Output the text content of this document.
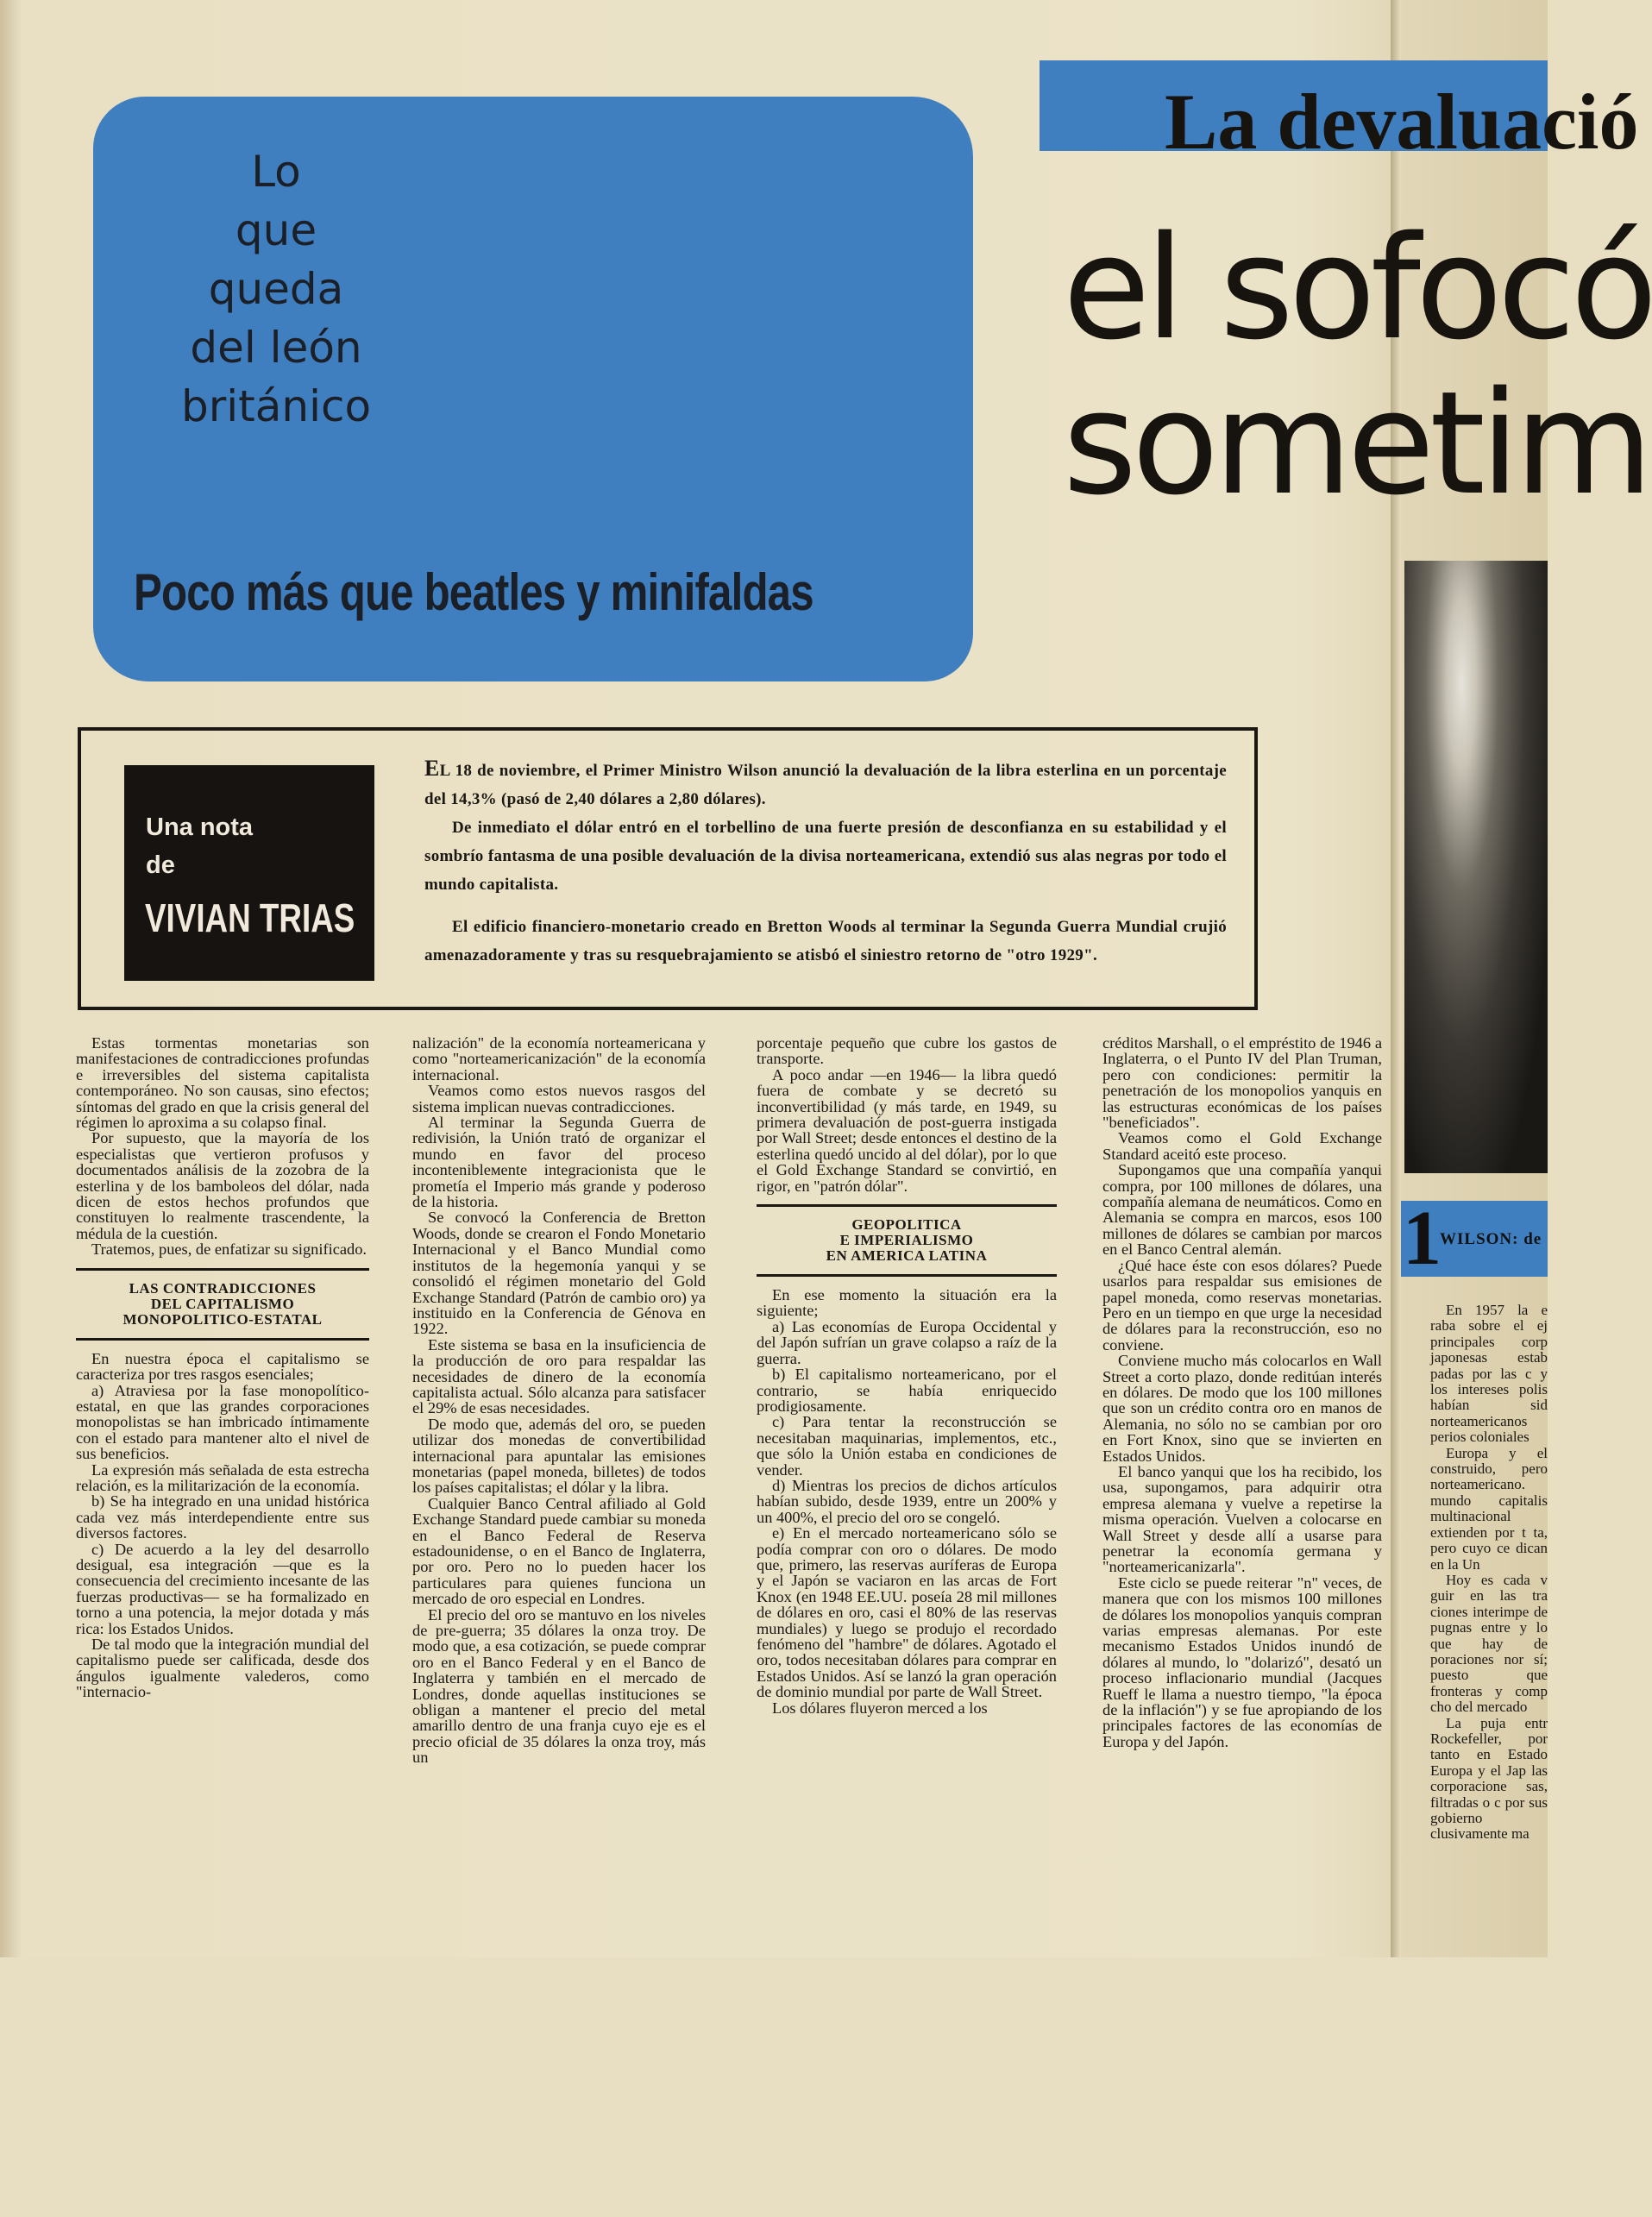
Lo
que
queda
del león
británico
Poco más que beatles y minifaldas
La devaluació
el sofocó
sometim
1
WILSON: de
Una nota
de
VIVIAN TRIAS

EL 18 de noviembre, el Primer Ministro Wilson anunció la devaluación de la libra esterlina en un porcentaje del 14,3% (pasó de 2,40 dólares a 2,80 dólares).

De inmediato el dólar entró en el torbellino de una fuerte presión de desconfianza en su estabilidad y el sombrío fantasma de una posible devaluación de la divisa norteamericana, extendió sus alas negras por todo el mundo capitalista.

El edificio financiero-monetario creado en Bretton Woods al terminar la Segunda Guerra Mundial crujió amenazadoramente y tras su resquebrajamiento se atisbó el siniestro retorno de "otro 1929".

Estas tormentas monetarias son manifestaciones de contradicciones profundas e irreversibles del sistema capitalista contemporáneo. No son causas, sino efectos; síntomas del grado en que la crisis general del régimen lo aproxima a su colapso final.

Por supuesto, que la mayoría de los especialistas que vertieron profusos y documentados análisis de la zozobra de la esterlina y de los bamboleos del dólar, nada dicen de estos hechos profundos que constituyen lo realmente trascendente, la médula de la cuestión.

Tratemos, pues, de enfatizar su significado.

LAS CONTRADICCIONES
DEL CAPITALISMO
MONOPOLITICO-ESTATAL

En nuestra época el capitalismo se caracteriza por tres rasgos esenciales;

a) Atraviesa por la fase monopolítico-estatal, en que las grandes corporaciones monopolistas se han imbricado íntimamente con el estado para mantener alto el nivel de sus beneficios.

La expresión más señalada de esta estrecha relación, es la militarización de la economía.

b) Se ha integrado en una unidad histórica cada vez más interdependiente entre sus diversos factores.

c) De acuerdo a la ley del desarrollo desigual, esa integración —que es la consecuencia del crecimiento incesante de las fuerzas productivas— se ha formalizado en torno a una potencia, la mejor dotada y más rica: los Estados Unidos.

De tal modo que la integración mundial del capitalismo puede ser calificada, desde dos ángulos igualmente valederos, como "internacio-

nalización" de la economía norteamericana y como "norteamericanización" de la economía internacional.

Veamos como estos nuevos rasgos del sistema implican nuevas contradicciones.

Al terminar la Segunda Guerra de redivisión, la Unión trató de organizar el mundo en favor del proceso incontenibleмente integracionista que le prometía el Imperio más grande y poderoso de la historia.

Se convocó la Conferencia de Bretton Woods, donde se crearon el Fondo Monetario Internacional y el Banco Mundial como institutos de la hegemonía yanqui y se consolidó el régimen monetario del Gold Exchange Standard (Patrón de cambio oro) ya instituido en la Conferencia de Génova en 1922.

Este sistema se basa en la insuficiencia de la producción de oro para respaldar las necesidades de dinero de la economía capitalista actual. Sólo alcanza para satisfacer el 29% de esas necesidades.

De modo que, además del oro, se pueden utilizar dos monedas de convertibilidad internacional para apuntalar las emisiones monetarias (papel moneda, billetes) de todos los países capitalistas; el dólar y la libra.

Cualquier Banco Central afiliado al Gold Exchange Standard puede cambiar su moneda en el Banco Federal de Reserva estadounidense, o en el Banco de Inglaterra, por oro. Pero no lo pueden hacer los particulares para quienes funciona un mercado de oro especial en Londres.

El precio del oro se mantuvo en los niveles de pre-guerra; 35 dólares la onza troy. De modo que, a esa cotización, se puede comprar oro en el Banco Federal y en el Banco de Inglaterra y también en el mercado de Londres, donde aquellas instituciones se obligan a mantener el precio del metal amarillo dentro de una franja cuyo eje es el precio oficial de 35 dólares la onza troy, más un

porcentaje pequeño que cubre los gastos de transporte.

A poco andar —en 1946— la libra quedó fuera de combate y se decretó su inconvertibilidad (y más tarde, en 1949, su primera devaluación de post-guerra instigada por Wall Street; desde entonces el destino de la esterlina quedó uncido al del dólar), por lo que el Gold Exchange Standard se convirtió, en rigor, en "patrón dólar".

GEOPOLITICA
E IMPERIALISMO
EN AMERICA LATINA

En ese momento la situación era la siguiente;

a) Las economías de Europa Occidental y del Japón sufrían un grave colapso a raíz de la guerra.

b) El capitalismo norteamericano, por el contrario, se había enriquecido prodigiosamente.

c) Para tentar la reconstrucción se necesitaban maquinarias, implementos, etc., que sólo la Unión estaba en condiciones de vender.

d) Mientras los precios de dichos artículos habían subido, desde 1939, entre un 200% y un 400%, el precio del oro se congeló.

e) En el mercado norteamericano sólo se podía comprar con oro o dólares. De modo que, primero, las reservas auríferas de Europa y el Japón se vaciaron en las arcas de Fort Knox (en 1948 EE.UU. poseía 28 mil millones de dólares en oro, casi el 80% de las reservas mundiales) y luego se produjo el recordado fenómeno del "hambre" de dólares. Agotado el oro, todos necesitaban dólares para comprar en Estados Unidos. Así se lanzó la gran operación de dominio mundial por parte de Wall Street.

Los dólares fluyeron merced a los

créditos Marshall, o el empréstito de 1946 a Inglaterra, o el Punto IV del Plan Truman, pero con condiciones: permitir la penetración de los monopolios yanquis en las estructuras económicas de los países "beneficiados".

Veamos como el Gold Exchange Standard aceitó este proceso.

Supongamos que una compañía yanqui compra, por 100 millones de dólares, una compañía alemana de neumáticos. Como en Alemania se compra en marcos, esos 100 millones de dólares se cambian por marcos en el Banco Central alemán.

¿Qué hace éste con esos dólares? Puede usarlos para respaldar sus emisiones de papel moneda, como reservas monetarias. Pero en un tiempo en que urge la necesidad de dólares para la reconstrucción, eso no conviene.

Conviene mucho más colocarlos en Wall Street a corto plazo, donde reditúan interés en dólares. De modo que los 100 millones que son un crédito contra oro en manos de Alemania, no sólo no se cambian por oro en Fort Knox, sino que se invierten en Estados Unidos.

El banco yanqui que los ha recibido, los usa, supongamos, para adquirir otra empresa alemana y vuelve a repetirse la misma operación. Vuelven a colocarse en Wall Street y desde allí a usarse para penetrar la economía germana y "norteamericanizarla".

Este ciclo se puede reiterar "n" veces, de manera que con los mismos 100 millones de dólares los monopolios yanquis compran varias empresas alemanas. Por este mecanismo Estados Unidos inundó de dólares al mundo, lo "dolarizó", desató un proceso inflacionario mundial (Jacques Rueff le llama a nuestro tiempo, "la época de la inflación") y se fue apropiando de los principales factores de las economías de Europa y del Japón.

En 1957 la e raba sobre el ej principales corp japonesas estab padas por las c y los intereses polis habían sid norteamericanos perios coloniales

Europa y el construido, pero norteamericano. mundo capitalis multinacional extienden por t ta, pero cuyo ce dican en la Un

Hoy es cada v guir en las tra ciones interimpe de pugnas entre y lo que hay de poraciones nor sí; puesto que fronteras y comp cho del mercado

La puja entr Rockefeller, por tanto en Estado Europa y el Jap las corporacione sas, filtradas o c por sus gobierno clusivamente ma
